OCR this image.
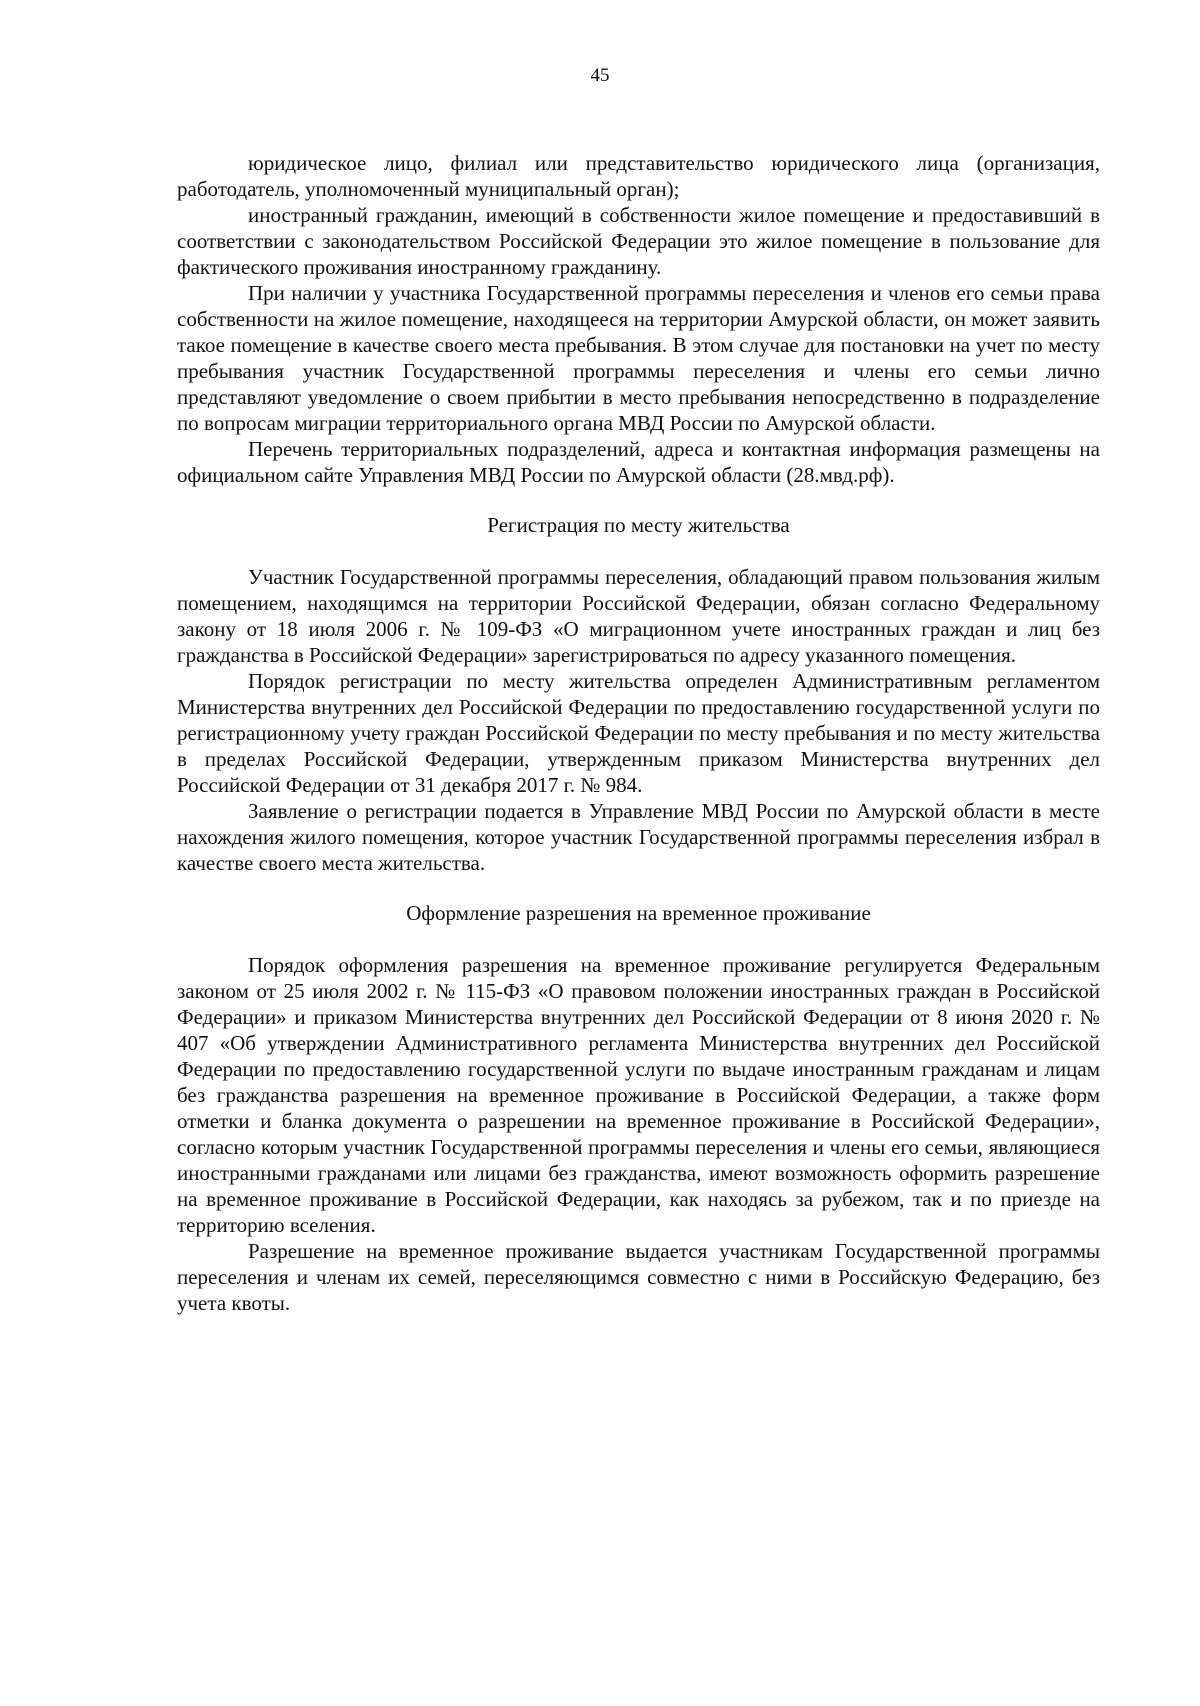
45

юридическое лицо, филиал или представительство юридического лица (организация, работодатель, уполномоченный муниципальный орган);

иностранный гражданин, имеющий в собственности жилое помещение и предоставивший в соответствии с законодательством Российской Федерации это жилое помещение в пользование для фактического проживания иностранному гражданину.

При наличии у участника Государственной программы переселения и членов его семьи права собственности на жилое помещение, находящееся на территории Амурской области, он может заявить такое помещение в качестве своего места пребывания. В этом случае для постановки на учет по месту пребывания участник Государственной программы переселения и члены его семьи лично представляют уведомление о своем прибытии в место пребывания непосредственно в подразделение по вопросам миграции территориального органа МВД России по Амурской области.

Перечень территориальных подразделений, адреса и контактная информация размещены на официальном сайте Управления МВД России по Амурской области (28.мвд.рф).

Регистрация по месту жительства

Участник Государственной программы переселения, обладающий правом пользования жилым помещением, находящимся на территории Российской Федерации, обязан согласно Федеральному закону от 18 июля 2006 г. № 109-ФЗ «О миграционном учете иностранных граждан и лиц без гражданства в Российской Федерации» зарегистрироваться по адресу указанного помещения.

Порядок регистрации по месту жительства определен Административным регламентом Министерства внутренних дел Российской Федерации по предоставлению государственной услуги по регистрационному учету граждан Российской Федерации по месту пребывания и по месту жительства в пределах Российской Федерации, утвержденным приказом Министерства внутренних дел Российской Федерации от 31 декабря 2017 г. № 984.

Заявление о регистрации подается в Управление МВД России по Амурской области в месте нахождения жилого помещения, которое участник Государственной программы переселения избрал в качестве своего места жительства.

Оформление разрешения на временное проживание

Порядок оформления разрешения на временное проживание регулируется Федеральным законом от 25 июля 2002 г. № 115-ФЗ «О правовом положении иностранных граждан в Российской Федерации» и приказом Министерства внутренних дел Российской Федерации от 8 июня 2020 г. № 407 «Об утверждении Административного регламента Министерства внутренних дел Российской Федерации по предоставлению государственной услуги по выдаче иностранным гражданам и лицам без гражданства разрешения на временное проживание в Российской Федерации, а также форм отметки и бланка документа о разрешении на временное проживание в Российской Федерации», согласно которым участник Государственной программы переселения и члены его семьи, являющиеся иностранными гражданами или лицами без гражданства, имеют возможность оформить разрешение на временное проживание в Российской Федерации, как находясь за рубежом, так и по приезде на территорию вселения.

Разрешение на временное проживание выдается участникам Государственной программы переселения и членам их семей, переселяющимся совместно с ними в Российскую Федерацию, без учета квоты.
